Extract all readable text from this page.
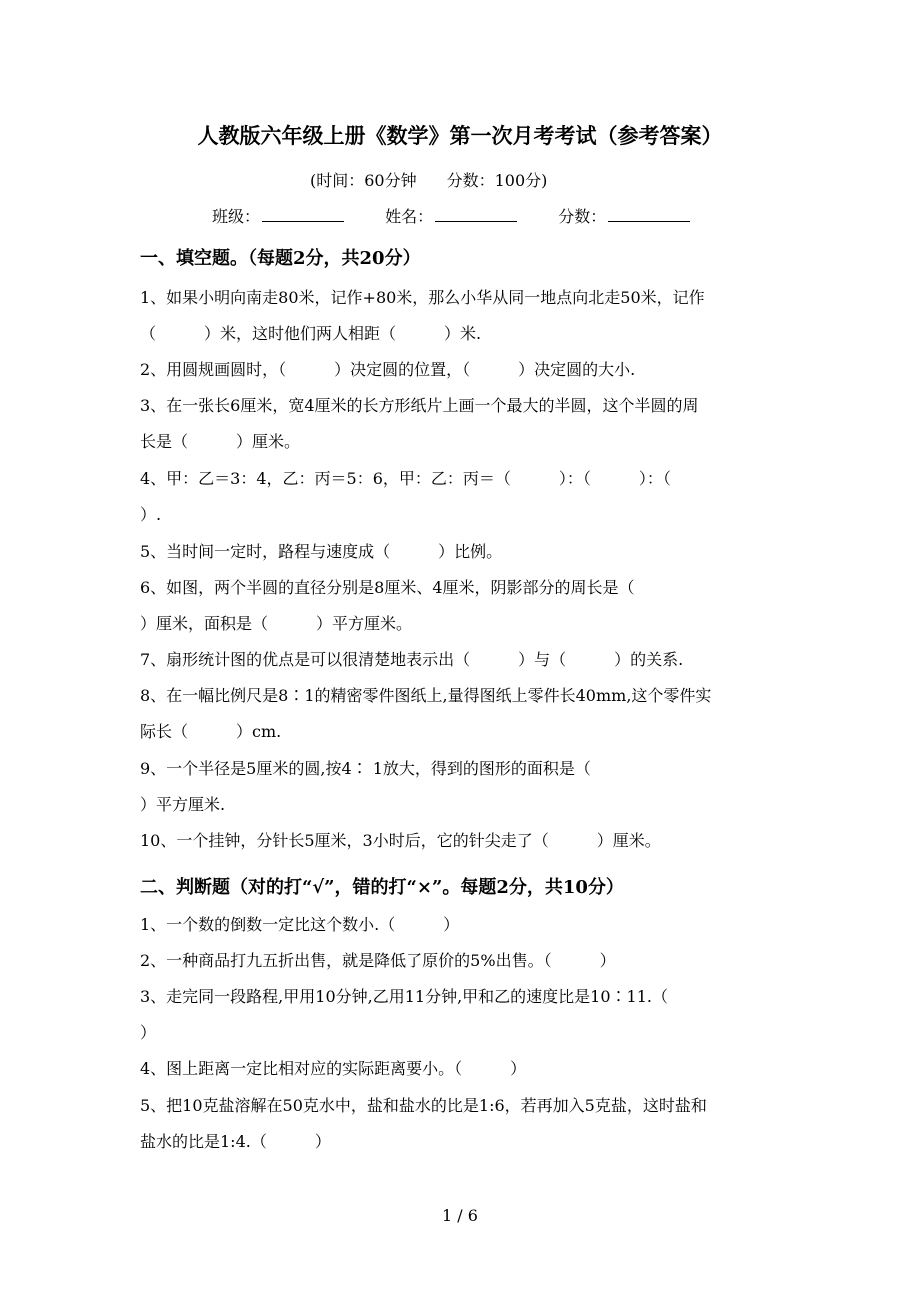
人教版六年级上册《数学》第一次月考考试（参考答案）
(时间：60分钟 分数：100分)
班级：	姓名：	分数：
一、填空题。（每题2分，共20分）
1、如果小明向南走80米，记作+80米，那么小华从同一地点向北走50米，记作
（　　　）米，这时他们两人相距（　　　）米.
2、用圆规画圆时，（　　　）决定圆的位置，（　　　）决定圆的大小.
3、在一张长6厘米，宽4厘米的长方形纸片上画一个最大的半圆，这个半圆的周
长是（　　　）厘米。
4、甲：乙＝3：4，乙：丙＝5：6，甲：乙：丙＝（　　　）：（　　　）：（
）.
5、当时间一定时，路程与速度成（　　　）比例。
6、如图，两个半圆的直径分别是8厘米、4厘米，阴影部分的周长是（
）厘米，面积是（　　　）平方厘米。
7、扇形统计图的优点是可以很清楚地表示出（　　　）与（　　　）的关系.
8、在一幅比例尺是8∶1的精密零件图纸上,量得图纸上零件长40mm,这个零件实
际长（　　　）cm.
9、一个半径是5厘米的圆,按4∶ 1放大，得到的图形的面积是（
）平方厘米.
10、一个挂钟，分针长5厘米，3小时后，它的针尖走了（　　　）厘米。
二、判断题（对的打“√”，错的打“×”。每题2分，共10分）
1、一个数的倒数一定比这个数小.（　　　）
2、一种商品打九五折出售，就是降低了原价的5%出售。（　　　）
3、走完同一段路程,甲用10分钟,乙用11分钟,甲和乙的速度比是10∶11.（
）
4、图上距离一定比相对应的实际距离要小。（　　　）
5、把10克盐溶解在50克水中，盐和盐水的比是1:6，若再加入5克盐，这时盐和
盐水的比是1:4.（　　　）
1 / 6
